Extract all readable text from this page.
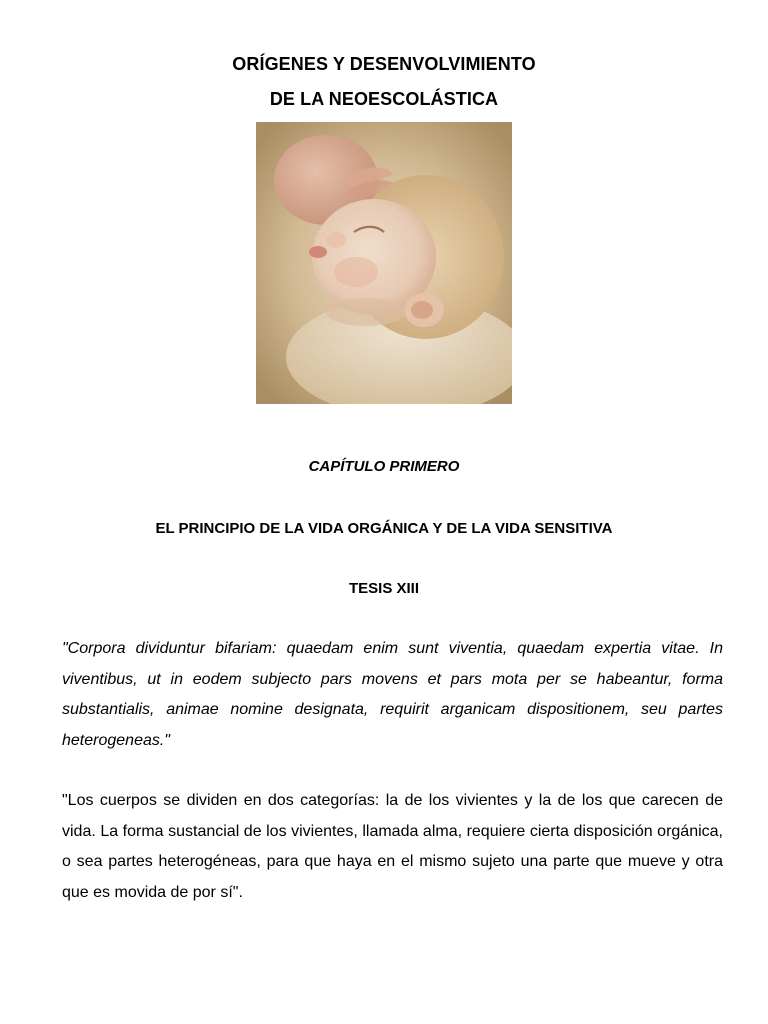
ORÍGENES Y DESENVOLVIMIENTO
DE LA NEOESCOLÁSTICA
CAPÍTULO PRIMERO
EL PRINCIPIO DE LA VIDA ORGÁNICA Y DE LA VIDA SENSITIVA
TESIS XIII

"Corpora dividuntur bifariam: quaedam enim sunt viventia, quaedam expertia vitae. In viventibus, ut in eodem subjecto pars movens et pars mota per se habeantur, forma substantialis, animae nomine designata, requirit arganicam dispositionem, seu partes heterogeneas."

"Los cuerpos se dividen en dos categorías: la de los vivientes y la de los que carecen de vida. La forma sustancial de los vivientes, llamada alma, requiere cierta disposición orgánica, o sea partes heterogéneas, para que haya en el mismo sujeto una parte que mueve y otra que es movida de por sí".
